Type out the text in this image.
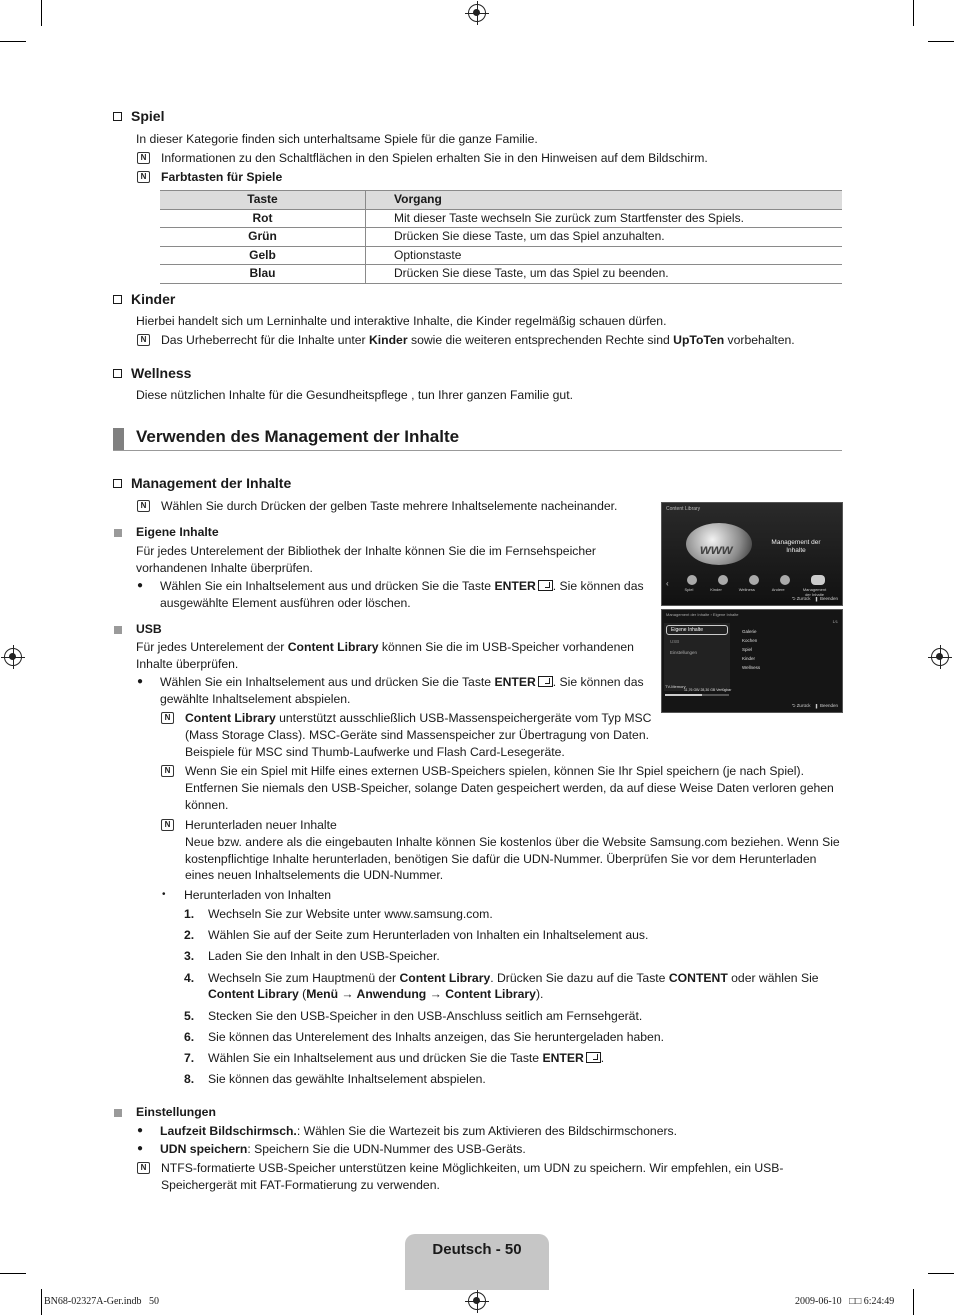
Spiel
In dieser Kategorie finden sich unterhaltsame Spiele für die ganze Familie.
N Informationen zu den Schaltflächen in den Spielen erhalten Sie in den Hinweisen auf dem Bildschirm.
N Farbtasten für Spiele
Taste	Vorgang
Rot	Mit dieser Taste wechseln Sie zurück zum Startfenster des Spiels.
Grün	Drücken Sie diese Taste, um das Spiel anzuhalten.
Gelb	Optionstaste
Blau	Drücken Sie diese Taste, um das Spiel zu beenden.
Kinder
Hierbei handelt sich um Lerninhalte und interaktive Inhalte, die Kinder regelmäßig schauen dürfen.
N Das Urheberrecht für die Inhalte unter Kinder sowie die weiteren entsprechenden Rechte sind UpToTen vorbehalten.
Wellness
Diese nützlichen Inhalte für die Gesundheitspflege , tun Ihrer ganzen Familie gut.
Verwenden des Management der Inhalte
Management der Inhalte
N Wählen Sie durch Drücken der gelben Taste mehrere Inhaltselemente nacheinander.
Eigene Inhalte
Für jedes Unterelement der Bibliothek der Inhalte können Sie die im Fernsehspeicher vorhandenen Inhalte überprüfen.
●	Wählen Sie ein Inhaltselement aus und drücken Sie die Taste ENTER . Sie können das ausgewählte Element ausführen oder löschen.
USB
Für jedes Unterelement der Content Library können Sie die im USB-Speicher vorhandenen Inhalte überprüfen.
●	Wählen Sie ein Inhaltselement aus und drücken Sie die Taste ENTER . Sie können das gewählte Inhaltselement abspielen.
N Content Library unterstützt ausschließlich USB-Massenspeichergeräte vom Typ MSC (Mass Storage Class). MSC-Geräte sind Massenspeicher zur Übertragung von Daten. Beispiele für MSC sind Thumb-Laufwerke und Flash Card-Lesegeräte.
N Wenn Sie ein Spiel mit Hilfe eines externen USB-Speichers spielen, können Sie Ihr Spiel speichern (je nach Spiel). Entfernen Sie niemals den USB-Speicher, solange Daten gespeichert werden, da auf diese Weise Daten verloren gehen können.
N Herunterladen neuer Inhalte
Neue bzw. andere als die eingebauten Inhalte können Sie kostenlos über die Website Samsung.com beziehen. Wenn Sie kostenpflichtige Inhalte herunterladen, benötigen Sie dafür die UDN-Nummer. Überprüfen Sie vor dem Herunterladen eines neuen Inhaltselements die UDN-Nummer.
•	Herunterladen von Inhalten
1.	Wechseln Sie zur Website unter www.samsung.com.
2.	Wählen Sie auf der Seite zum Herunterladen von Inhalten ein Inhaltselement aus.
3.	Laden Sie den Inhalt in den USB-Speicher.
4.	Wechseln Sie zum Hauptmenü der Content Library. Drücken Sie dazu auf die Taste CONTENT oder wählen Sie Content Library (Menü → Anwendung → Content Library).
5.	Stecken Sie den USB-Speicher in den USB-Anschluss seitlich am Fernsehgerät.
6.	Sie können das Unterelement des Inhalts anzeigen, das Sie heruntergeladen haben.
7.	Wählen Sie ein Inhaltselement aus und drücken Sie die Taste ENTER .
8.	Sie können das gewählte Inhaltselement abspielen.
Einstellungen
●	Laufzeit Bildschirmsch.: Wählen Sie die Wartezeit bis zum Aktivieren des Bildschirmschoners.
●	UDN speichern: Speichern Sie die UDN-Nummer des USB-Geräts.
N NTFS-formatierte USB-Speicher unterstützen keine Möglichkeiten, um UDN zu speichern. Wir empfehlen, ein USB-Speichergerät mit FAT-Formatierung zu verwenden.
Content Library
www	Management der Inhalte
‹
Spiel	Kinder	Wellness	Andere	Management der Inhalte
⮌ Zurück   ▮ Beenden
Management der Inhalte › Eigene Inhalte
1/1
Eigene Inhalte
USB
Einstellungen
Galerie
Kochen
Spiel
Kinder
Wellness
TV-Memory
11,76 GB/ 28,30 GB Verfügbar
⮌ Zurück   ▮ Beenden
Deutsch - 50
BN68-02327A-Ger.indb   50	2009-06-10   □□ 6:24:49
